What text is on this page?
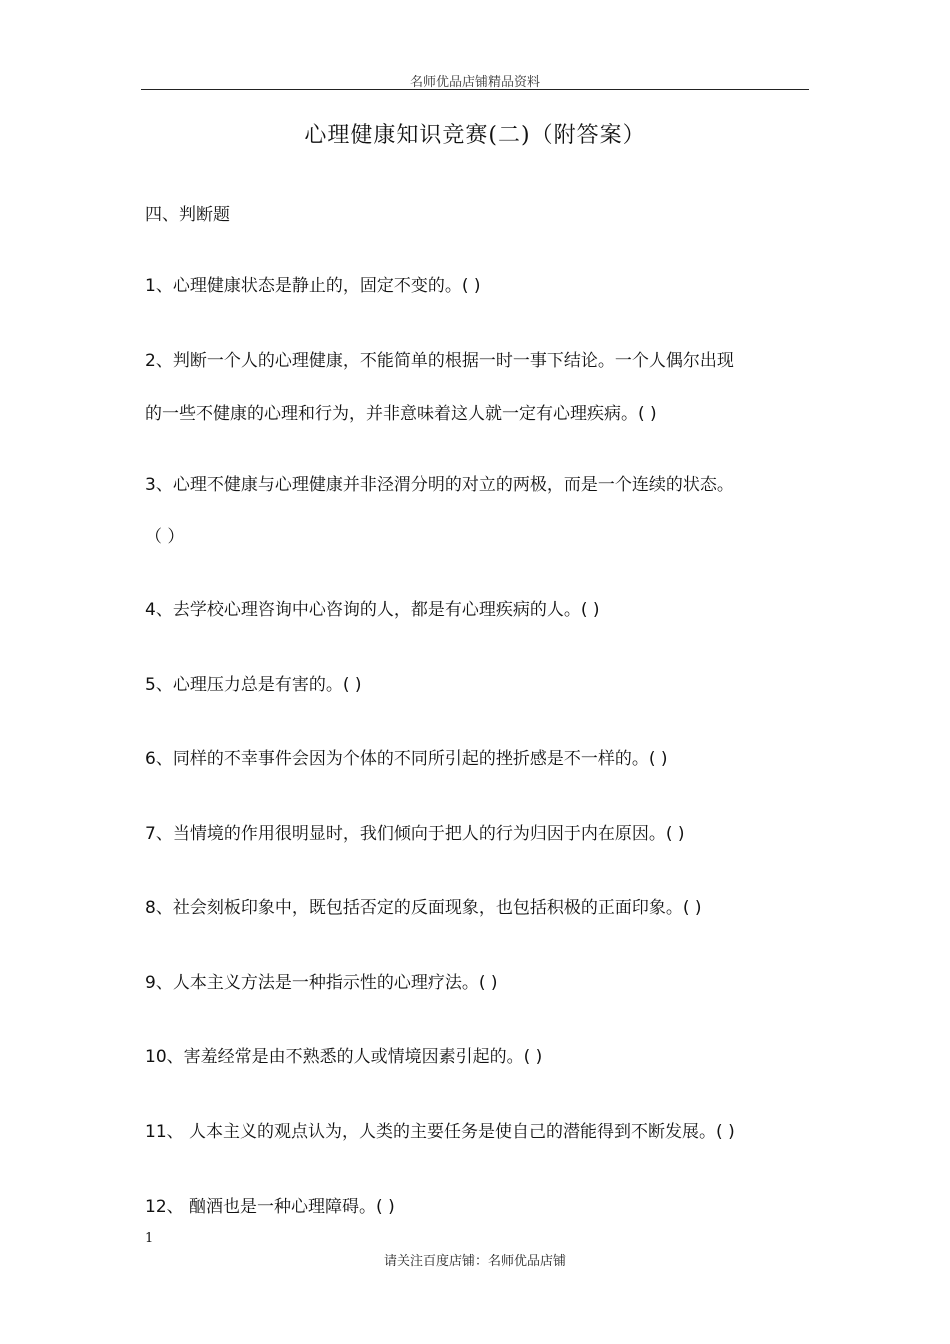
名师优品店铺精品资料
心理健康知识竞赛(二)（附答案）
四、判断题
1、心理健康状态是静止的，固定不变的。( )
2、判断一个人的心理健康，不能简单的根据一时一事下结论。一个人偶尔出现
的一些不健康的心理和行为，并非意味着这人就一定有心理疾病。( )
3、心理不健康与心理健康并非泾渭分明的对立的两极，而是一个连续的状态。
（ ）
4、去学校心理咨询中心咨询的人，都是有心理疾病的人。( )
5、心理压力总是有害的。( )
6、同样的不幸事件会因为个体的不同所引起的挫折感是不一样的。( )
7、当情境的作用很明显时，我们倾向于把人的行为归因于内在原因。( )
8、社会刻板印象中，既包括否定的反面现象，也包括积极的正面印象。( )
9、人本主义方法是一种指示性的心理疗法。( )
10、害羞经常是由不熟悉的人或情境因素引起的。( )
11、 人本主义的观点认为，人类的主要任务是使自己的潜能得到不断发展。( )
12、 酗酒也是一种心理障碍。( )
1
请关注百度店铺：名师优品店铺
